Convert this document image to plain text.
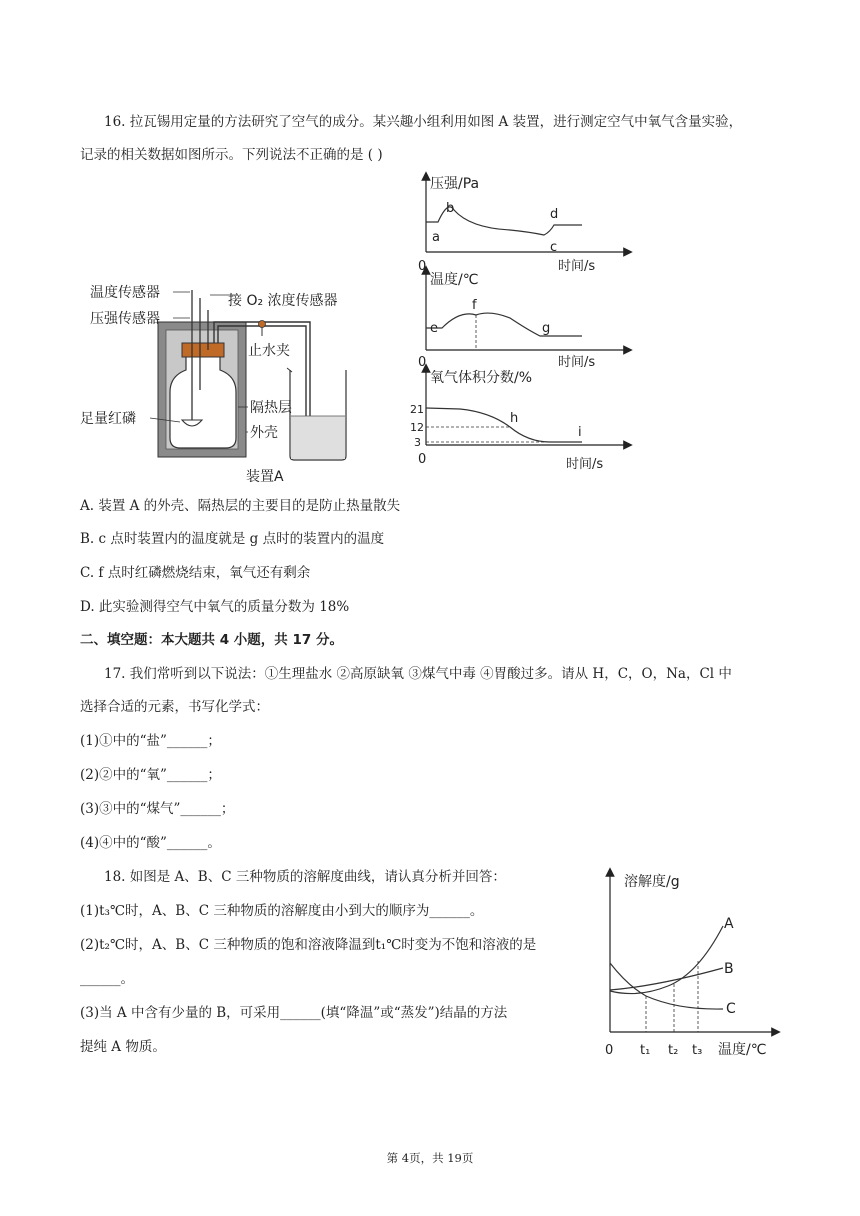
16. 拉瓦锡用定量的方法研究了空气的成分。某兴趣小组利用如图 A 装置，进行测定空气中氧气含量实验，
记录的相关数据如图所示。下列说法不正确的是 ( )
温度传感器
压强传感器
接 O₂ 浓度传感器
止水夹
隔热层
外壳
足量红磷
装置A
压强/Pa
a
b
c
d
0	时间/s
温度/℃
e
f
g
0	时间/s
氧气体积分数/%
21
12
3
h
i
0	时间/s
A. 装置 A 的外壳、隔热层的主要目的是防止热量散失
B. c 点时装置内的温度就是 g 点时的装置内的温度
C. f 点时红磷燃烧结束，氧气还有剩余
D. 此实验测得空气中氧气的质量分数为 18%
二、填空题：本大题共 4 小题，共 17 分。
17. 我们常听到以下说法：①生理盐水 ②高原缺氧 ③煤气中毒 ④胃酸过多。请从 H，C，O，Na，Cl 中
选择合适的元素，书写化学式：
(1)①中的“盐”______；
(2)②中的“氧”______；
(3)③中的“煤气”______；
(4)④中的“酸”______。
18. 如图是 A、B、C 三种物质的溶解度曲线，请认真分析并回答：
(1)t₃℃时，A、B、C 三种物质的溶解度由小到大的顺序为______。
(2)t₂℃时，A、B、C 三种物质的饱和溶液降温到t₁℃时变为不饱和溶液的是
______。
(3)当 A 中含有少量的 B，可采用______(填“降温”或“蒸发”)结晶的方法
提纯 A 物质。
溶解度/g
A
B
C
0 t₁ t₂ t₃ 温度/℃
第 4页，共 19页
